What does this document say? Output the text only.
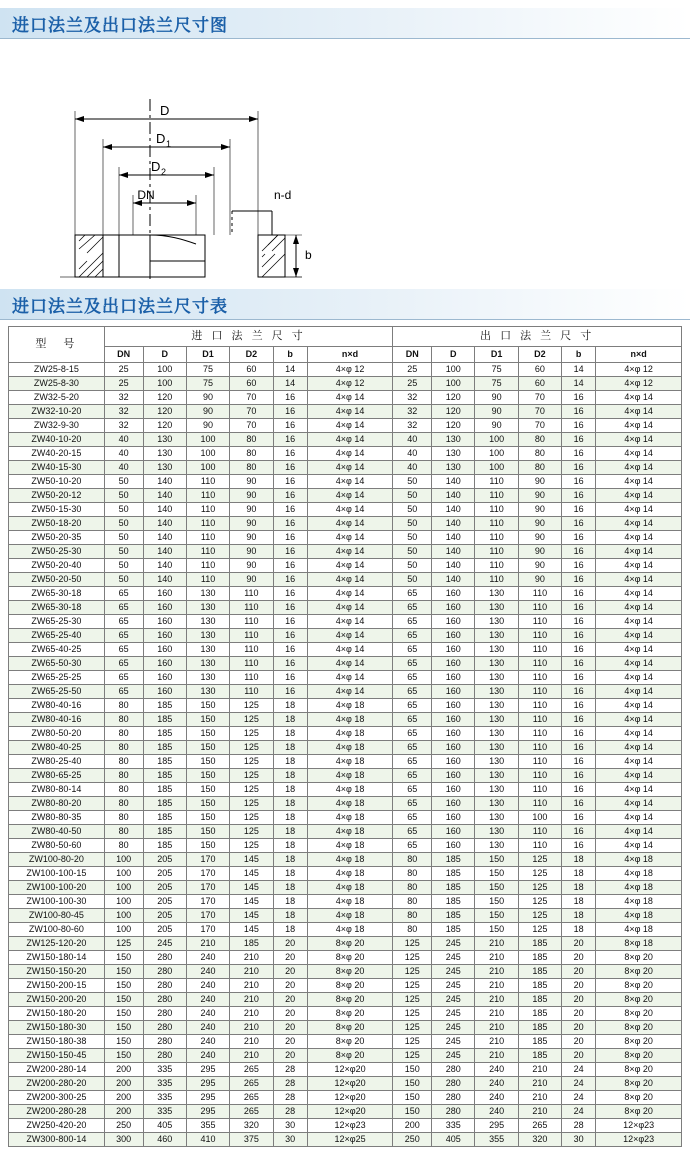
进口法兰及出口法兰尺寸图
D
D 1
D 2
DN	n-d
b
进口法兰及出口法兰尺寸表
型　号	进 口 法 兰 尺 寸						出 口 法 兰 尺 寸					
	DN	D	D1	D2	b	n×d	DN	D	D1	D2	b	n×d
ZW25-8-15	25	100	75	60	14	4×φ 12	25	100	75	60	14	4×φ 12
ZW25-8-30	25	100	75	60	14	4×φ 12	25	100	75	60	14	4×φ 12
ZW32-5-20	32	120	90	70	16	4×φ 14	32	120	90	70	16	4×φ 14
ZW32-10-20	32	120	90	70	16	4×φ 14	32	120	90	70	16	4×φ 14
ZW32-9-30	32	120	90	70	16	4×φ 14	32	120	90	70	16	4×φ 14
ZW40-10-20	40	130	100	80	16	4×φ 14	40	130	100	80	16	4×φ 14
ZW40-20-15	40	130	100	80	16	4×φ 14	40	130	100	80	16	4×φ 14
ZW40-15-30	40	130	100	80	16	4×φ 14	40	130	100	80	16	4×φ 14
ZW50-10-20	50	140	110	90	16	4×φ 14	50	140	110	90	16	4×φ 14
ZW50-20-12	50	140	110	90	16	4×φ 14	50	140	110	90	16	4×φ 14
ZW50-15-30	50	140	110	90	16	4×φ 14	50	140	110	90	16	4×φ 14
ZW50-18-20	50	140	110	90	16	4×φ 14	50	140	110	90	16	4×φ 14
ZW50-20-35	50	140	110	90	16	4×φ 14	50	140	110	90	16	4×φ 14
ZW50-25-30	50	140	110	90	16	4×φ 14	50	140	110	90	16	4×φ 14
ZW50-20-40	50	140	110	90	16	4×φ 14	50	140	110	90	16	4×φ 14
ZW50-20-50	50	140	110	90	16	4×φ 14	50	140	110	90	16	4×φ 14
ZW65-30-18	65	160	130	110	16	4×φ 14	65	160	130	110	16	4×φ 14
ZW65-30-18	65	160	130	110	16	4×φ 14	65	160	130	110	16	4×φ 14
ZW65-25-30	65	160	130	110	16	4×φ 14	65	160	130	110	16	4×φ 14
ZW65-25-40	65	160	130	110	16	4×φ 14	65	160	130	110	16	4×φ 14
ZW65-40-25	65	160	130	110	16	4×φ 14	65	160	130	110	16	4×φ 14
ZW65-50-30	65	160	130	110	16	4×φ 14	65	160	130	110	16	4×φ 14
ZW65-25-25	65	160	130	110	16	4×φ 14	65	160	130	110	16	4×φ 14
ZW65-25-50	65	160	130	110	16	4×φ 14	65	160	130	110	16	4×φ 14
ZW80-40-16	80	185	150	125	18	4×φ 18	65	160	130	110	16	4×φ 14
ZW80-40-16	80	185	150	125	18	4×φ 18	65	160	130	110	16	4×φ 14
ZW80-50-20	80	185	150	125	18	4×φ 18	65	160	130	110	16	4×φ 14
ZW80-40-25	80	185	150	125	18	4×φ 18	65	160	130	110	16	4×φ 14
ZW80-25-40	80	185	150	125	18	4×φ 18	65	160	130	110	16	4×φ 14
ZW80-65-25	80	185	150	125	18	4×φ 18	65	160	130	110	16	4×φ 14
ZW80-80-14	80	185	150	125	18	4×φ 18	65	160	130	110	16	4×φ 14
ZW80-80-20	80	185	150	125	18	4×φ 18	65	160	130	110	16	4×φ 14
ZW80-80-35	80	185	150	125	18	4×φ 18	65	160	130	100	16	4×φ 14
ZW80-40-50	80	185	150	125	18	4×φ 18	65	160	130	110	16	4×φ 14
ZW80-50-60	80	185	150	125	18	4×φ 18	65	160	130	110	16	4×φ 14
ZW100-80-20	100	205	170	145	18	4×φ 18	80	185	150	125	18	4×φ 18
ZW100-100-15	100	205	170	145	18	4×φ 18	80	185	150	125	18	4×φ 18
ZW100-100-20	100	205	170	145	18	4×φ 18	80	185	150	125	18	4×φ 18
ZW100-100-30	100	205	170	145	18	4×φ 18	80	185	150	125	18	4×φ 18
ZW100-80-45	100	205	170	145	18	4×φ 18	80	185	150	125	18	4×φ 18
ZW100-80-60	100	205	170	145	18	4×φ 18	80	185	150	125	18	4×φ 18
ZW125-120-20	125	245	210	185	20	8×φ 20	125	245	210	185	20	8×φ 18
ZW150-180-14	150	280	240	210	20	8×φ 20	125	245	210	185	20	8×φ 20
ZW150-150-20	150	280	240	210	20	8×φ 20	125	245	210	185	20	8×φ 20
ZW150-200-15	150	280	240	210	20	8×φ 20	125	245	210	185	20	8×φ 20
ZW150-200-20	150	280	240	210	20	8×φ 20	125	245	210	185	20	8×φ 20
ZW150-180-20	150	280	240	210	20	8×φ 20	125	245	210	185	20	8×φ 20
ZW150-180-30	150	280	240	210	20	8×φ 20	125	245	210	185	20	8×φ 20
ZW150-180-38	150	280	240	210	20	8×φ 20	125	245	210	185	20	8×φ 20
ZW150-150-45	150	280	240	210	20	8×φ 20	125	245	210	185	20	8×φ 20
ZW200-280-14	200	335	295	265	28	12×φ20	150	280	240	210	24	8×φ 20
ZW200-280-20	200	335	295	265	28	12×φ20	150	280	240	210	24	8×φ 20
ZW200-300-25	200	335	295	265	28	12×φ20	150	280	240	210	24	8×φ 20
ZW200-280-28	200	335	295	265	28	12×φ20	150	280	240	210	24	8×φ 20
ZW250-420-20	250	405	355	320	30	12×φ23	200	335	295	265	28	12×φ23
ZW300-800-14	300	460	410	375	30	12×φ25	250	405	355	320	30	12×φ23
